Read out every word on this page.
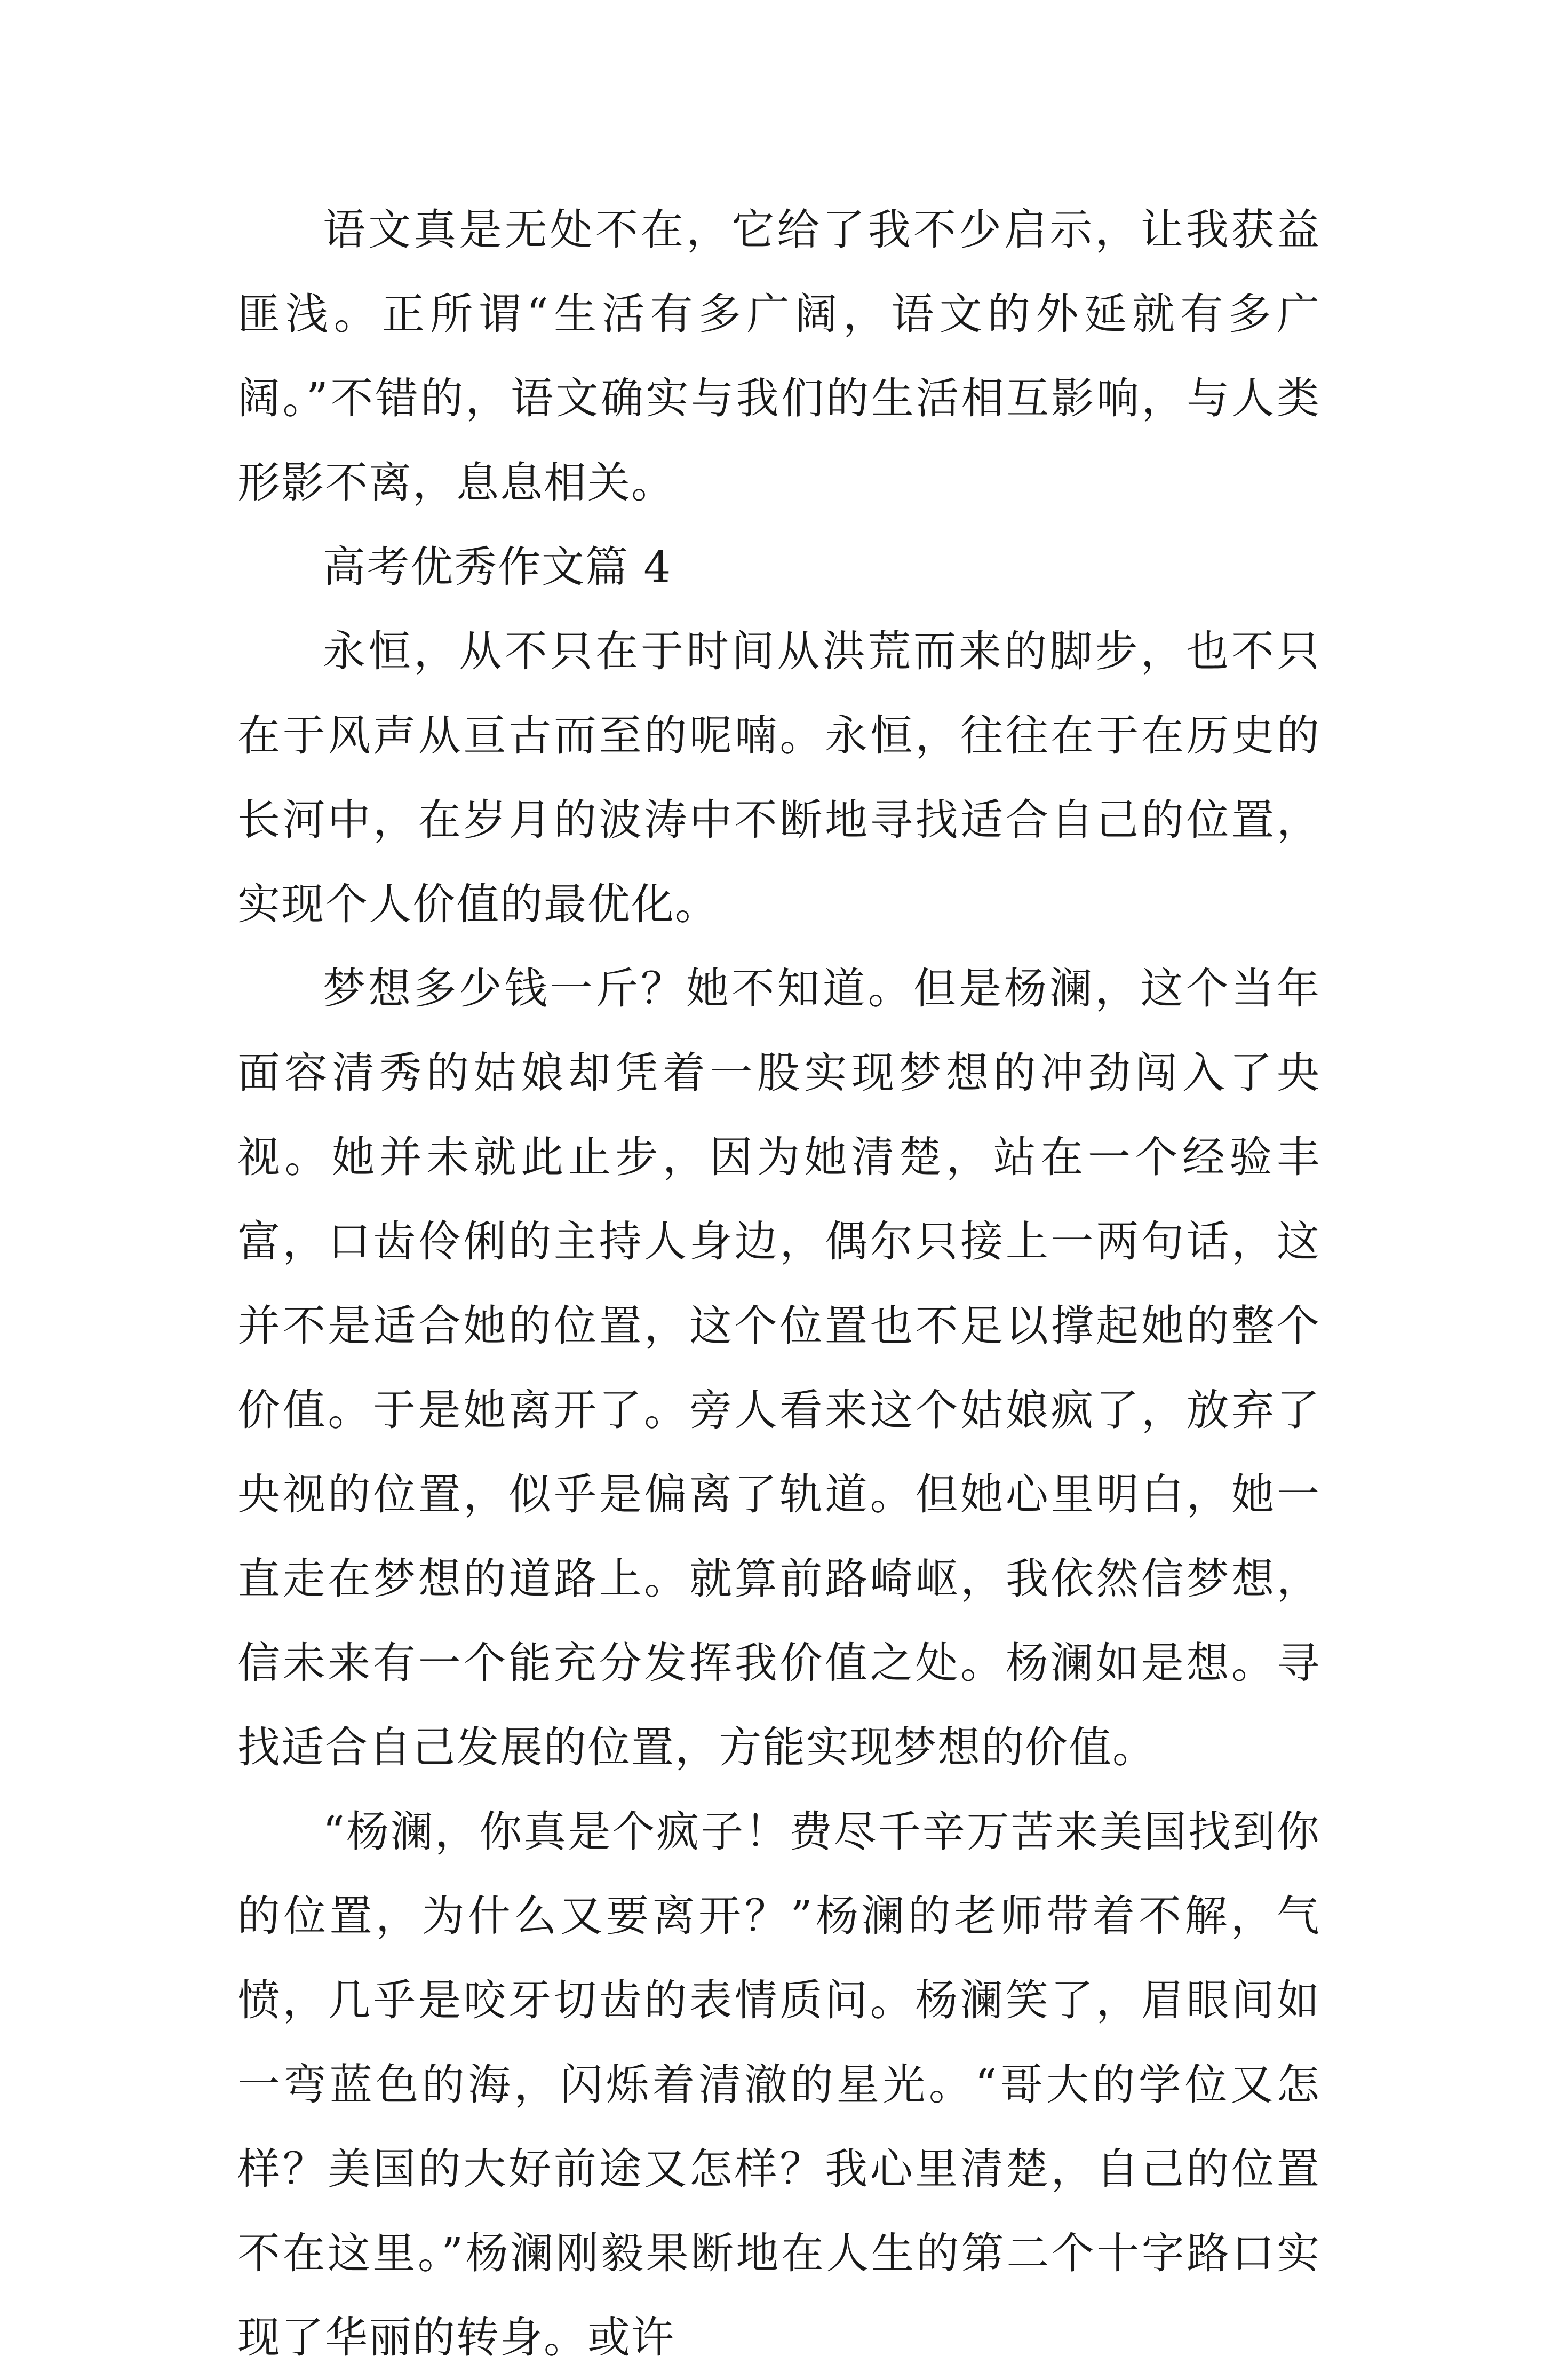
语文真是无处不在，它给了我不少启示，让我获益匪浅。正所谓“生活有多广阔，语文的外延就有多广阔。”不错的，语文确实与我们的生活相互影响，与人类形影不离，息息相关。

高考优秀作文篇 4

永恒，从不只在于时间从洪荒而来的脚步，也不只在于风声从亘古而至的呢喃。永恒，往往在于在历史的长河中，在岁月的波涛中不断地寻找适合自己的位置，实现个人价值的最优化。

梦想多少钱一斤？她不知道。但是杨澜，这个当年面容清秀的姑娘却凭着一股实现梦想的冲劲闯入了央视。她并未就此止步，因为她清楚，站在一个经验丰富，口齿伶俐的主持人身边，偶尔只接上一两句话，这并不是适合她的位置，这个位置也不足以撑起她的整个价值。于是她离开了。旁人看来这个姑娘疯了，放弃了央视的位置，似乎是偏离了轨道。但她心里明白，她一直走在梦想的道路上。就算前路崎岖，我依然信梦想，信未来有一个能充分发挥我价值之处。杨澜如是想。寻找适合自己发展的位置，方能实现梦想的价值。

“杨澜，你真是个疯子！费尽千辛万苦来美国找到你的位置，为什么又要离开？”杨澜的老师带着不解，气愤，几乎是咬牙切齿的表情质问。杨澜笑了，眉眼间如一弯蓝色的海，闪烁着清澈的星光。“哥大的学位又怎样？美国的大好前途又怎样？我心里清楚，自己的位置不在这里。”杨澜刚毅果断地在人生的第二个十字路口实现了华丽的转身。或许
